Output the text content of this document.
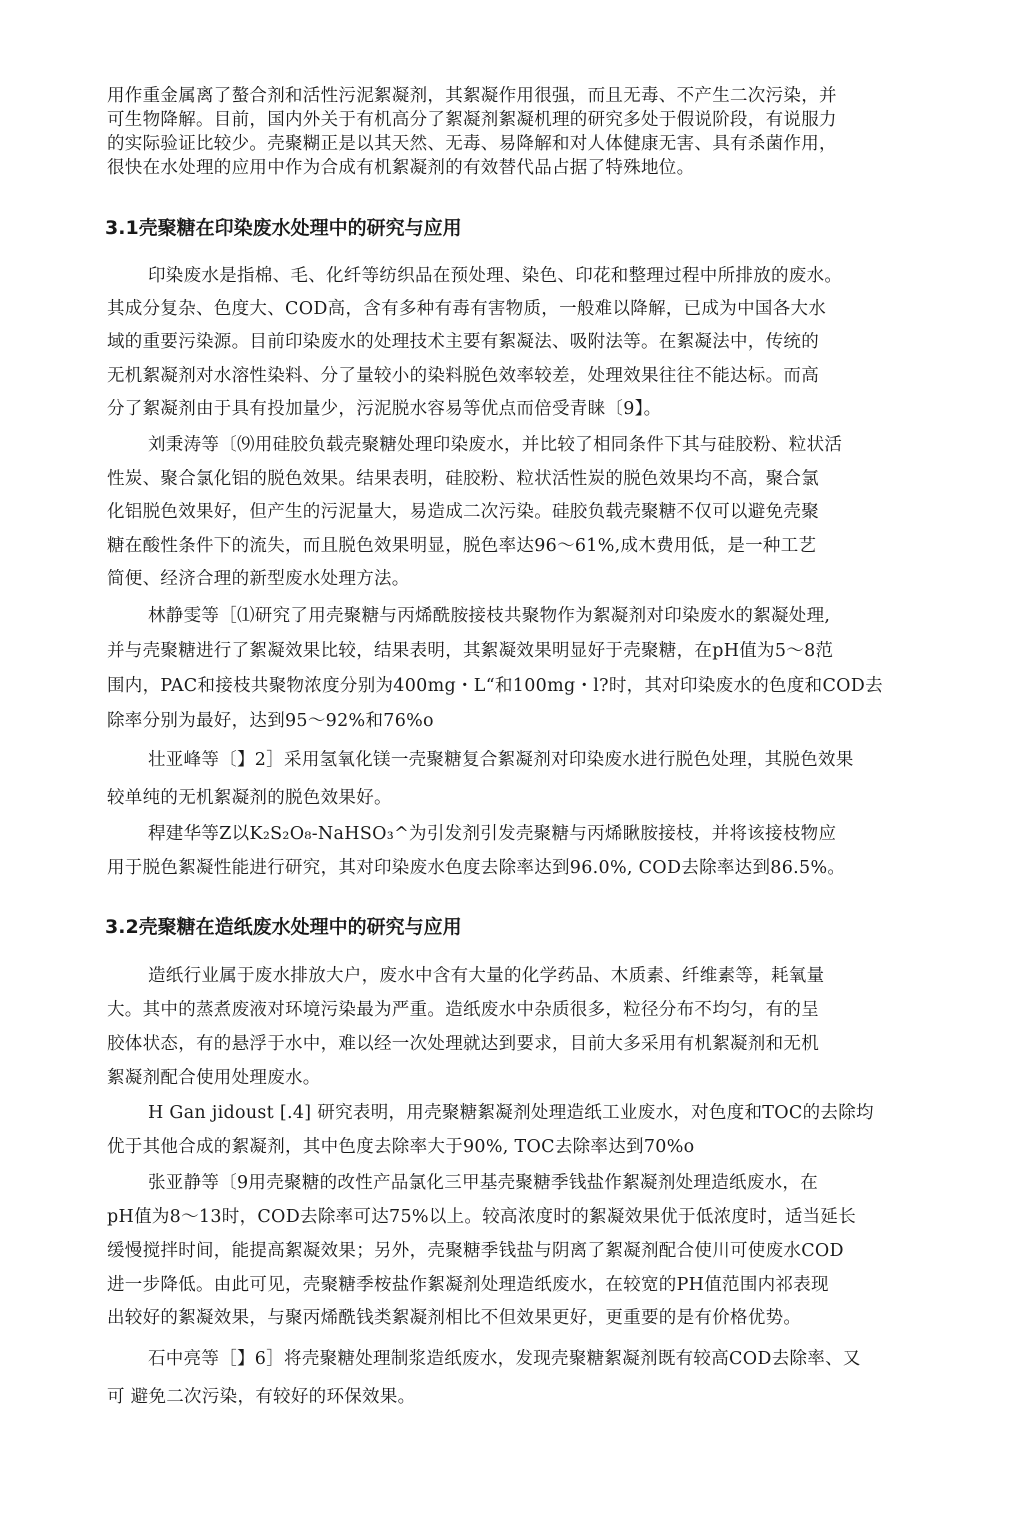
用作重金属离了螯合剂和活性污泥絮凝剂，其絮凝作用很强，而且无毒、不产生二次污染，并
可生物降解。目前，国内外关于有机高分了絮凝剂絮凝机理的研究多处于假说阶段，有说服力
的实际验证比较少。壳聚糊正是以其天然、无毒、易降解和对人体健康无害、具有杀菌作用，
很快在水处理的应用中作为合成有机絮凝剂的有效替代品占据了特殊地位。
3.1壳聚糖在印染废水处理中的研究与应用
印染废水是指棉、毛、化纤等纺织品在预处理、染色、印花和整理过程中所排放的废水。
其成分复杂、色度大、COD高，含有多种有毒有害物质，一般难以降解，已成为中国各大水
域的重要污染源。目前印染废水的处理技术主要有絮凝法、吸附法等。在絮凝法中，传统的
无机絮凝剂对水溶性染料、分了量较小的染料脱色效率较差，处理效果往往不能达标。而高
分了絮凝剂由于具有投加量少，污泥脱水容易等优点而倍受青睐〔9】。
刘秉涛等〔⑼用硅胶负载壳聚糖处理印染废水，并比较了相同条件下其与硅胶粉、粒状活
性炭、聚合氯化铝的脱色效果。结果表明，硅胶粉、粒状活性炭的脱色效果均不高，聚合氯
化铝脱色效果好，但产生的污泥量大，易造成二次污染。硅胶负载壳聚糖不仅可以避免壳聚
糖在酸性条件下的流失，而且脱色效果明显，脱色率达96〜61%,成木费用低，是一种工艺
简便、经济合理的新型废水处理方法。
林静雯等［⑴研究了用壳聚糖与丙烯酰胺接枝共聚物作为絮凝剂对印染废水的絮凝处理,
并与壳聚糖进行了絮凝效果比较，结果表明，其絮凝效果明显好于壳聚糖，在pH值为5〜8范
围内，PAC和接枝共聚物浓度分别为400mg・L“和100mg・l?时，其对印染废水的色度和COD去
除率分别为最好，达到95〜92%和76%o
壮亚峰等〔】2］采用氢氧化镁一壳聚糖复合絮凝剂对印染废水进行脱色处理，其脱色效果
较单纯的无机絮凝剂的脱色效果好。
稈建华等Z以K₂S₂O₈-NaHSO₃^为引发剂引发壳聚糖与丙烯瞅胺接枝，并将该接枝物应
用于脱色絮凝性能进行研究，其对印染废水色度去除率达到96.0%, COD去除率达到86.5%。
3.2壳聚糖在造纸废水处理中的研究与应用
造纸行业属于废水排放大户，废水中含有大量的化学药品、木质素、纤维素等，耗氧量
大。其中的蒸煮废液对环境污染最为严重。造纸废水中杂质很多，粒径分布不均匀，有的呈
胶体状态，有的悬浮于水中，难以经一次处理就达到要求，目前大多采用有机絮凝剂和无机
絮凝剂配合使用处理废水。
H Gan jidoust [.4] 研究表明，用壳聚糖絮凝剂处理造纸工业废水，对色度和TOC的去除均
优于其他合成的絮凝剂，其中色度去除率大于90%, TOC去除率达到70%o
张亚静等〔9用壳聚糖的改性产品氯化三甲基壳聚糖季钱盐作絮凝剂处理造纸废水，在
pH值为8〜13时，COD去除率可达75%以上。较高浓度时的絮凝效果优于低浓度时，适当延长
缓慢搅拌时间，能提高絮凝效果；另外，壳聚糖季钱盐与阴离了絮凝剂配合使川可使废水COD
进一步降低。由此可见，壳聚糖季桉盐作絮凝剂处理造纸废水，在较宽的PH值范围内祁表现
出较好的絮凝效果，与聚丙烯酰钱类絮凝剂相比不但效果更好，更重要的是有价格优势。
石中亮等［】6］将壳聚糖处理制浆造纸废水，发现壳聚糖絮凝剂既有较高COD去除率、又
可 避免二次污染，有较好的环保效果。
